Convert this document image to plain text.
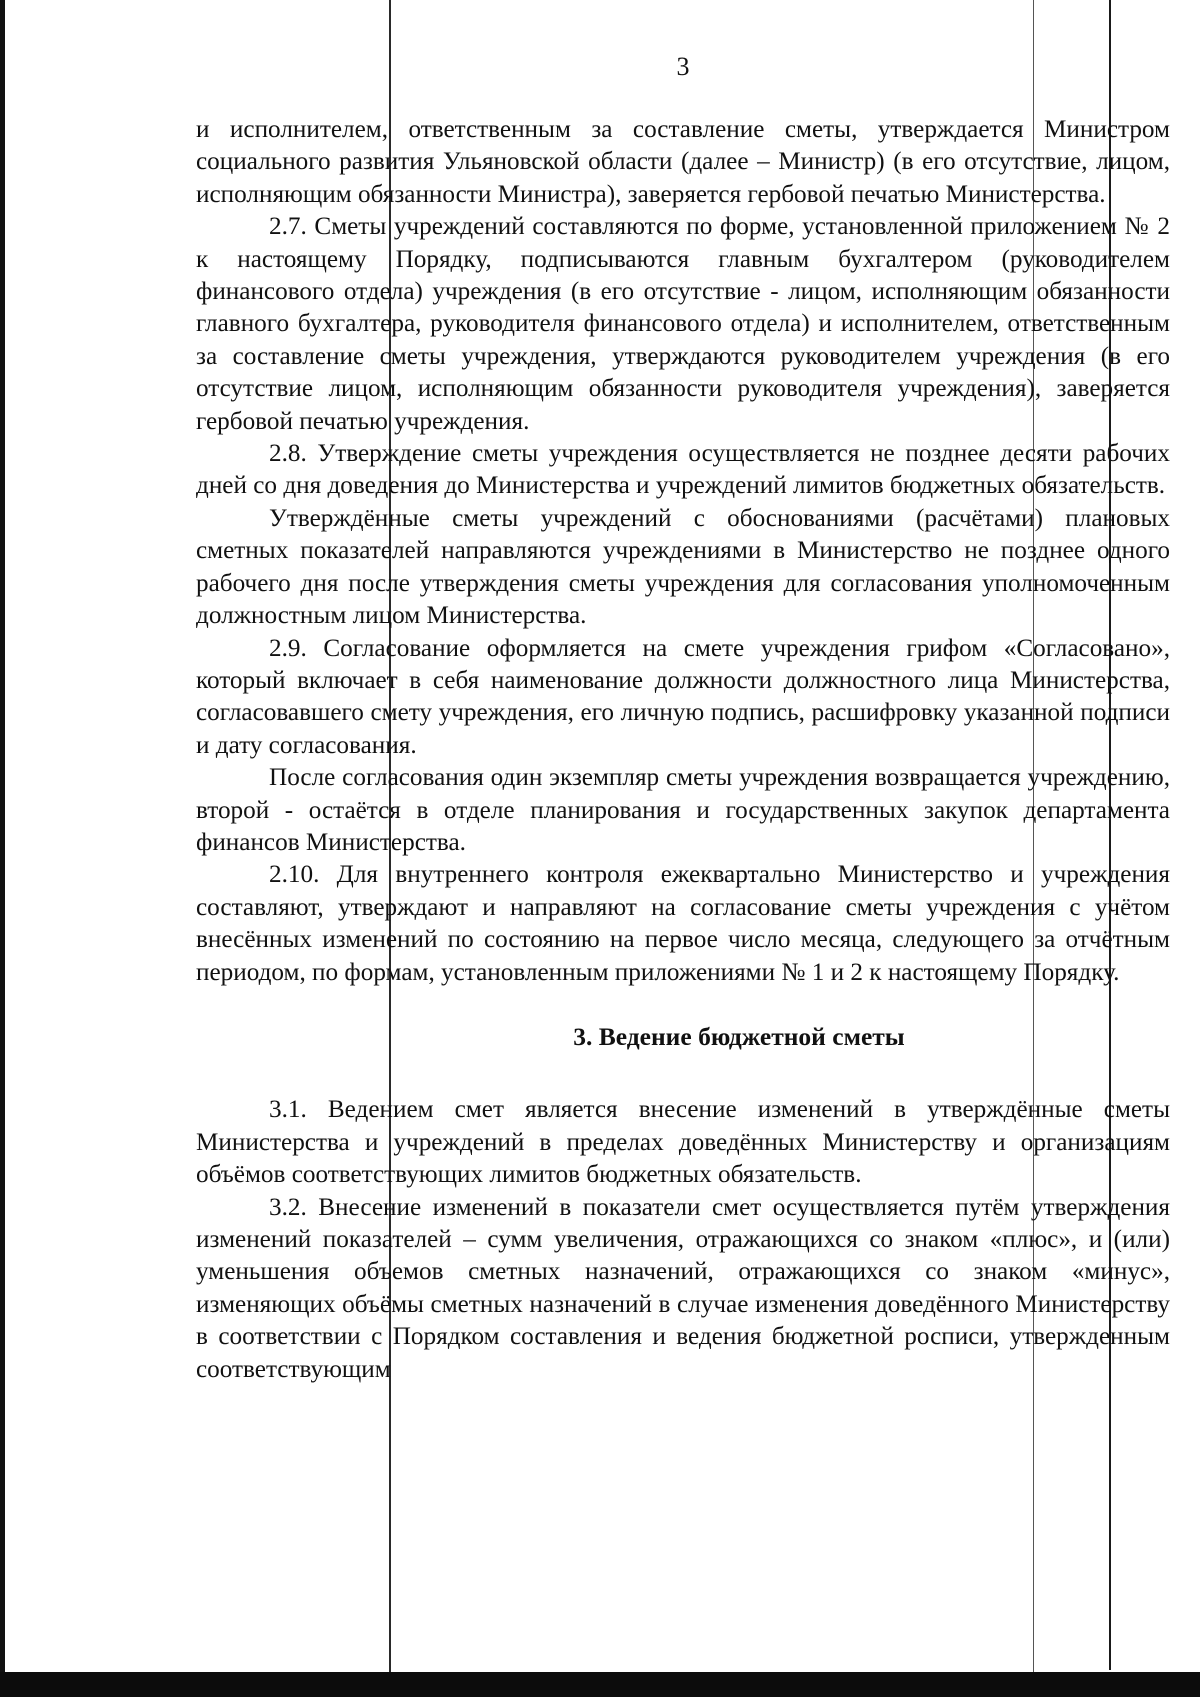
3

и исполнителем, ответственным за составление сметы, утверждается Министром социального развития Ульяновской области (далее – Министр) (в его отсутствие, лицом, исполняющим обязанности Министра), заверяется гербовой печатью Министерства.

2.7. Сметы учреждений составляются по форме, установленной приложением № 2 к настоящему Порядку, подписываются главным бухгалтером (руководителем финансового отдела) учреждения (в его отсутствие - лицом, исполняющим обязанности главного бухгалтера, руководителя финансового отдела) и исполнителем, ответственным за составление сметы учреждения, утверждаются руководителем учреждения (в его отсутствие лицом, исполняющим обязанности руководителя учреждения), заверяется гербовой печатью учреждения.

2.8. Утверждение сметы учреждения осуществляется не позднее десяти рабочих дней со дня доведения до Министерства и учреждений лимитов бюджетных обязательств.

Утверждённые сметы учреждений с обоснованиями (расчётами) плановых сметных показателей направляются учреждениями в Министерство не позднее одного рабочего дня после утверждения сметы учреждения для согласования уполномоченным должностным лицом Министерства.

2.9. Согласование оформляется на смете учреждения грифом «Согласовано», который включает в себя наименование должности должностного лица Министерства, согласовавшего смету учреждения, его личную подпись, расшифровку указанной подписи и дату согласования.

После согласования один экземпляр сметы учреждения возвращается учреждению, второй - остаётся в отделе планирования и государственных закупок департамента финансов Министерства.

2.10. Для внутреннего контроля ежеквартально Министерство и учреждения составляют, утверждают и направляют на согласование сметы учреждения с учётом внесённых изменений по состоянию на первое число месяца, следующего за отчётным периодом, по формам, установленным приложениями № 1 и 2 к настоящему Порядку.

3. Ведение бюджетной сметы

3.1. Ведением смет является внесение изменений в утверждённые сметы Министерства и учреждений в пределах доведённых Министерству и организациям объёмов соответствующих лимитов бюджетных обязательств.

3.2. Внесение изменений в показатели смет осуществляется путём утверждения изменений показателей – сумм увеличения, отражающихся со знаком «плюс», и (или) уменьшения объемов сметных назначений, отражающихся со знаком «минус», изменяющих объёмы сметных назначений в случае изменения доведённого Министерству в соответствии с Порядком составления и ведения бюджетной росписи, утвержденным соответствующим
